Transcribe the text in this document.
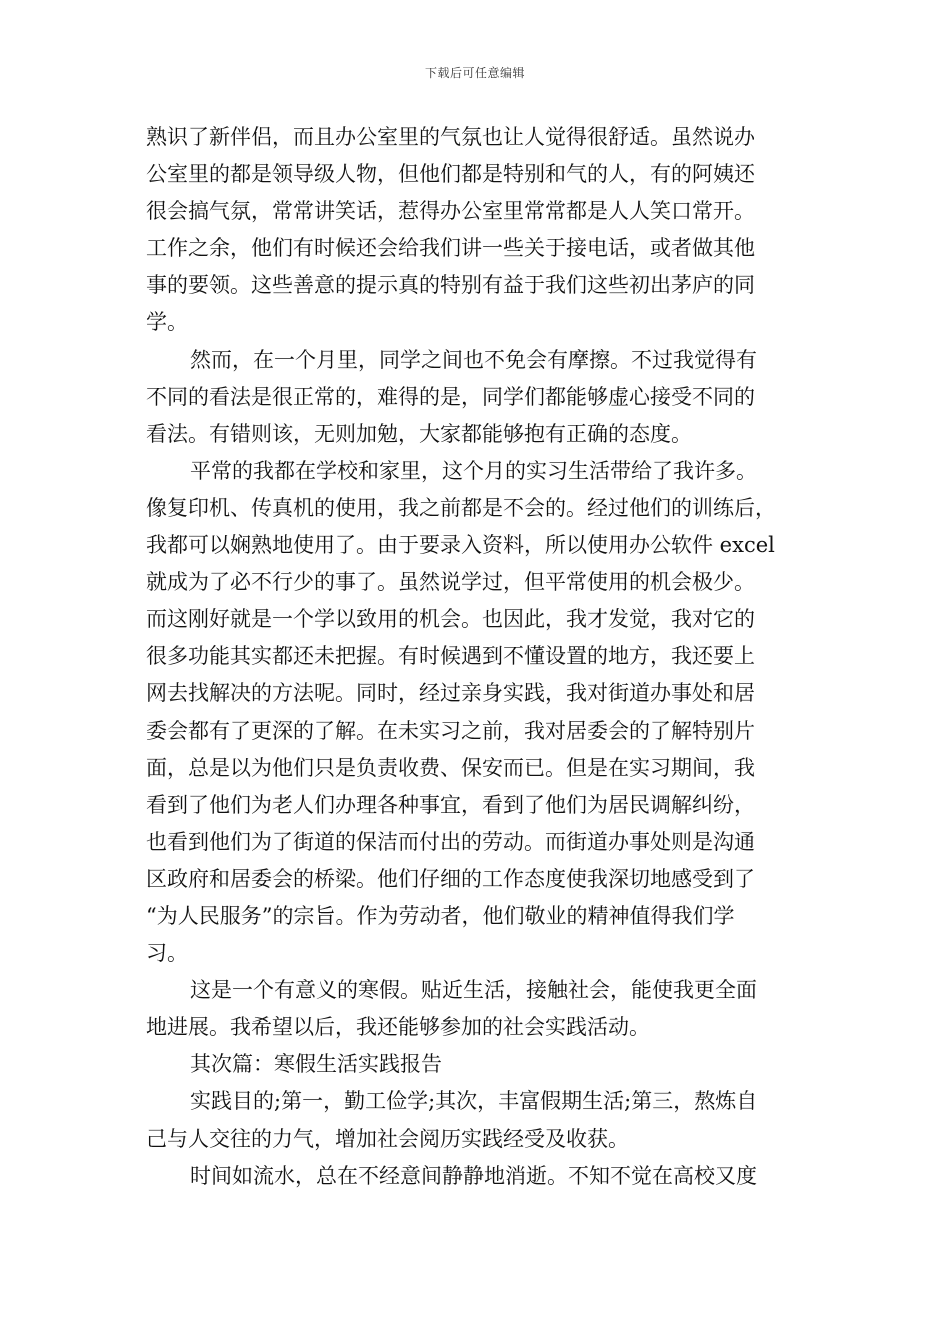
下载后可任意编辑
熟识了新伴侣，而且办公室里的气氛也让人觉得很舒适。虽然说办
公室里的都是领导级人物，但他们都是特别和气的人，有的阿姨还
很会搞气氛，常常讲笑话，惹得办公室里常常都是人人笑口常开。
工作之余，他们有时候还会给我们讲一些关于接电话，或者做其他
事的要领。这些善意的提示真的特别有益于我们这些初出茅庐的同
学。
然而，在一个月里，同学之间也不免会有摩擦。不过我觉得有
不同的看法是很正常的，难得的是，同学们都能够虚心接受不同的
看法。有错则该，无则加勉，大家都能够抱有正确的态度。
平常的我都在学校和家里，这个月的实习生活带给了我许多。
像复印机、传真机的使用，我之前都是不会的。经过他们的训练后，
我都可以娴熟地使用了。由于要录入资料，所以使用办公软件 excel
就成为了必不行少的事了。虽然说学过，但平常使用的机会极少。
而这刚好就是一个学以致用的机会。也因此，我才发觉，我对它的
很多功能其实都还未把握。有时候遇到不懂设置的地方，我还要上
网去找解决的方法呢。同时，经过亲身实践，我对街道办事处和居
委会都有了更深的了解。在未实习之前，我对居委会的了解特别片
面，总是以为他们只是负责收费、保安而已。但是在实习期间，我
看到了他们为老人们办理各种事宜，看到了他们为居民调解纠纷，
也看到他们为了街道的保洁而付出的劳动。而街道办事处则是沟通
区政府和居委会的桥梁。他们仔细的工作态度使我深切地感受到了
“为人民服务”的宗旨。作为劳动者，他们敬业的精神值得我们学
习。
这是一个有意义的寒假。贴近生活，接触社会，能使我更全面
地进展。我希望以后，我还能够参加的社会实践活动。
其次篇：寒假生活实践报告
实践目的;第一，勤工俭学;其次，丰富假期生活;第三，熬炼自
己与人交往的力气，增加社会阅历实践经受及收获。
时间如流水，总在不经意间静静地消逝。不知不觉在高校又度
